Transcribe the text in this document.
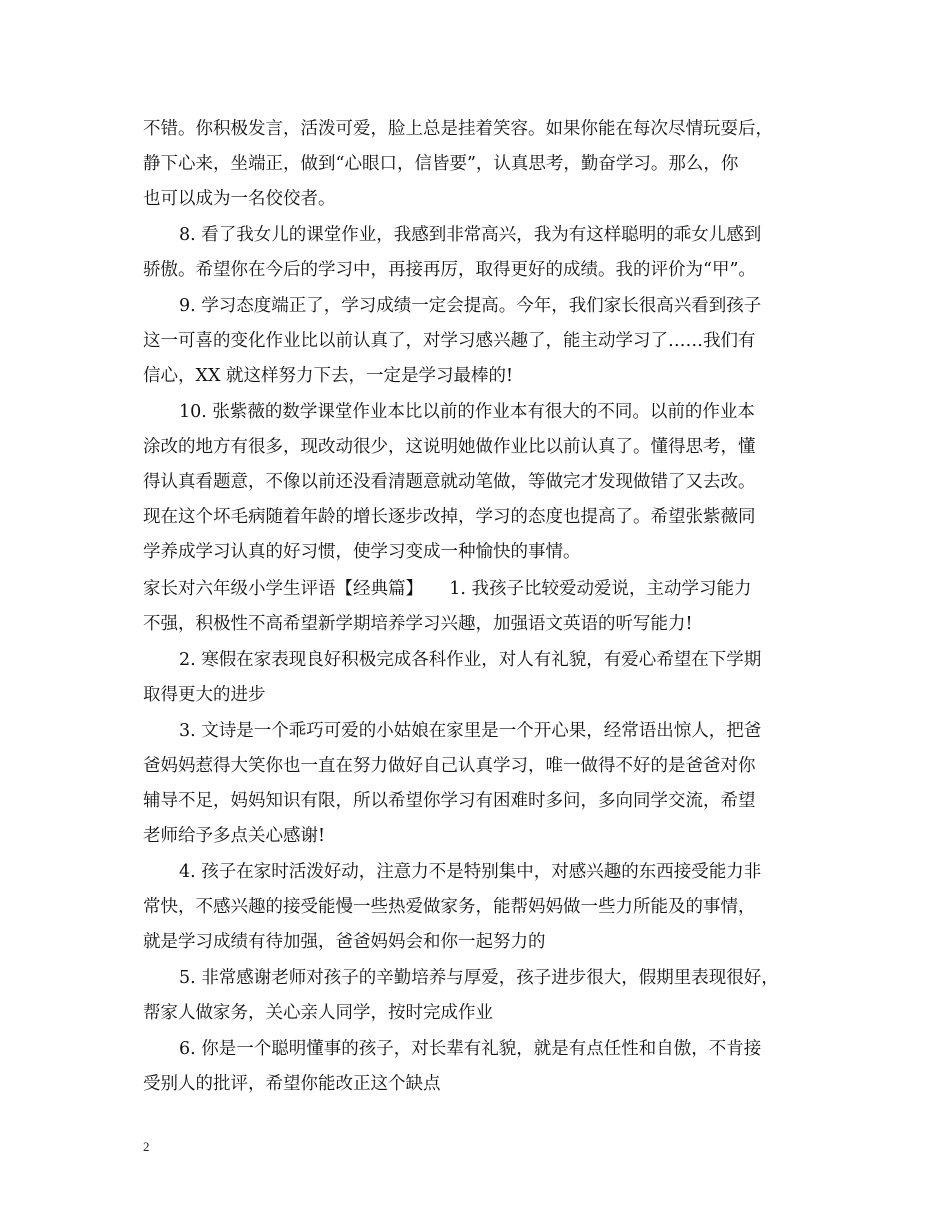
不错。你积极发言，活泼可爱，脸上总是挂着笑容。如果你能在每次尽情玩耍后，
静下心来，坐端正，做到“心眼口，信皆要”，认真思考，勤奋学习。那么，你
也可以成为一名佼佼者。
8. 看了我女儿的课堂作业，我感到非常高兴，我为有这样聪明的乖女儿感到
骄傲。希望你在今后的学习中，再接再厉，取得更好的成绩。我的评价为“甲”。
9. 学习态度端正了，学习成绩一定会提高。今年，我们家长很高兴看到孩子
这一可喜的变化作业比以前认真了，对学习感兴趣了，能主动学习了……我们有
信心，XX 就这样努力下去，一定是学习最棒的!
10. 张紫薇的数学课堂作业本比以前的作业本有很大的不同。以前的作业本
涂改的地方有很多，现改动很少，这说明她做作业比以前认真了。懂得思考，懂
得认真看题意，不像以前还没看清题意就动笔做，等做完才发现做错了又去改。
现在这个坏毛病随着年龄的增长逐步改掉，学习的态度也提高了。希望张紫薇同
学养成学习认真的好习惯，使学习变成一种愉快的事情。
家长对六年级小学生评语【经典篇】　　1. 我孩子比较爱动爱说，主动学习能力
不强，积极性不高希望新学期培养学习兴趣，加强语文英语的听写能力!
2. 寒假在家表现良好积极完成各科作业，对人有礼貌，有爱心希望在下学期
取得更大的进步
3. 文诗是一个乖巧可爱的小姑娘在家里是一个开心果，经常语出惊人，把爸
爸妈妈惹得大笑你也一直在努力做好自己认真学习，唯一做得不好的是爸爸对你
辅导不足，妈妈知识有限，所以希望你学习有困难时多问，多向同学交流，希望
老师给予多点关心感谢!
4. 孩子在家时活泼好动，注意力不是特别集中，对感兴趣的东西接受能力非
常快，不感兴趣的接受能慢一些热爱做家务，能帮妈妈做一些力所能及的事情，
就是学习成绩有待加强，爸爸妈妈会和你一起努力的
5. 非常感谢老师对孩子的辛勤培养与厚爱，孩子进步很大，假期里表现很好，
帮家人做家务，关心亲人同学，按时完成作业
6. 你是一个聪明懂事的孩子，对长辈有礼貌，就是有点任性和自傲，不肯接
受别人的批评，希望你能改正这个缺点
2
